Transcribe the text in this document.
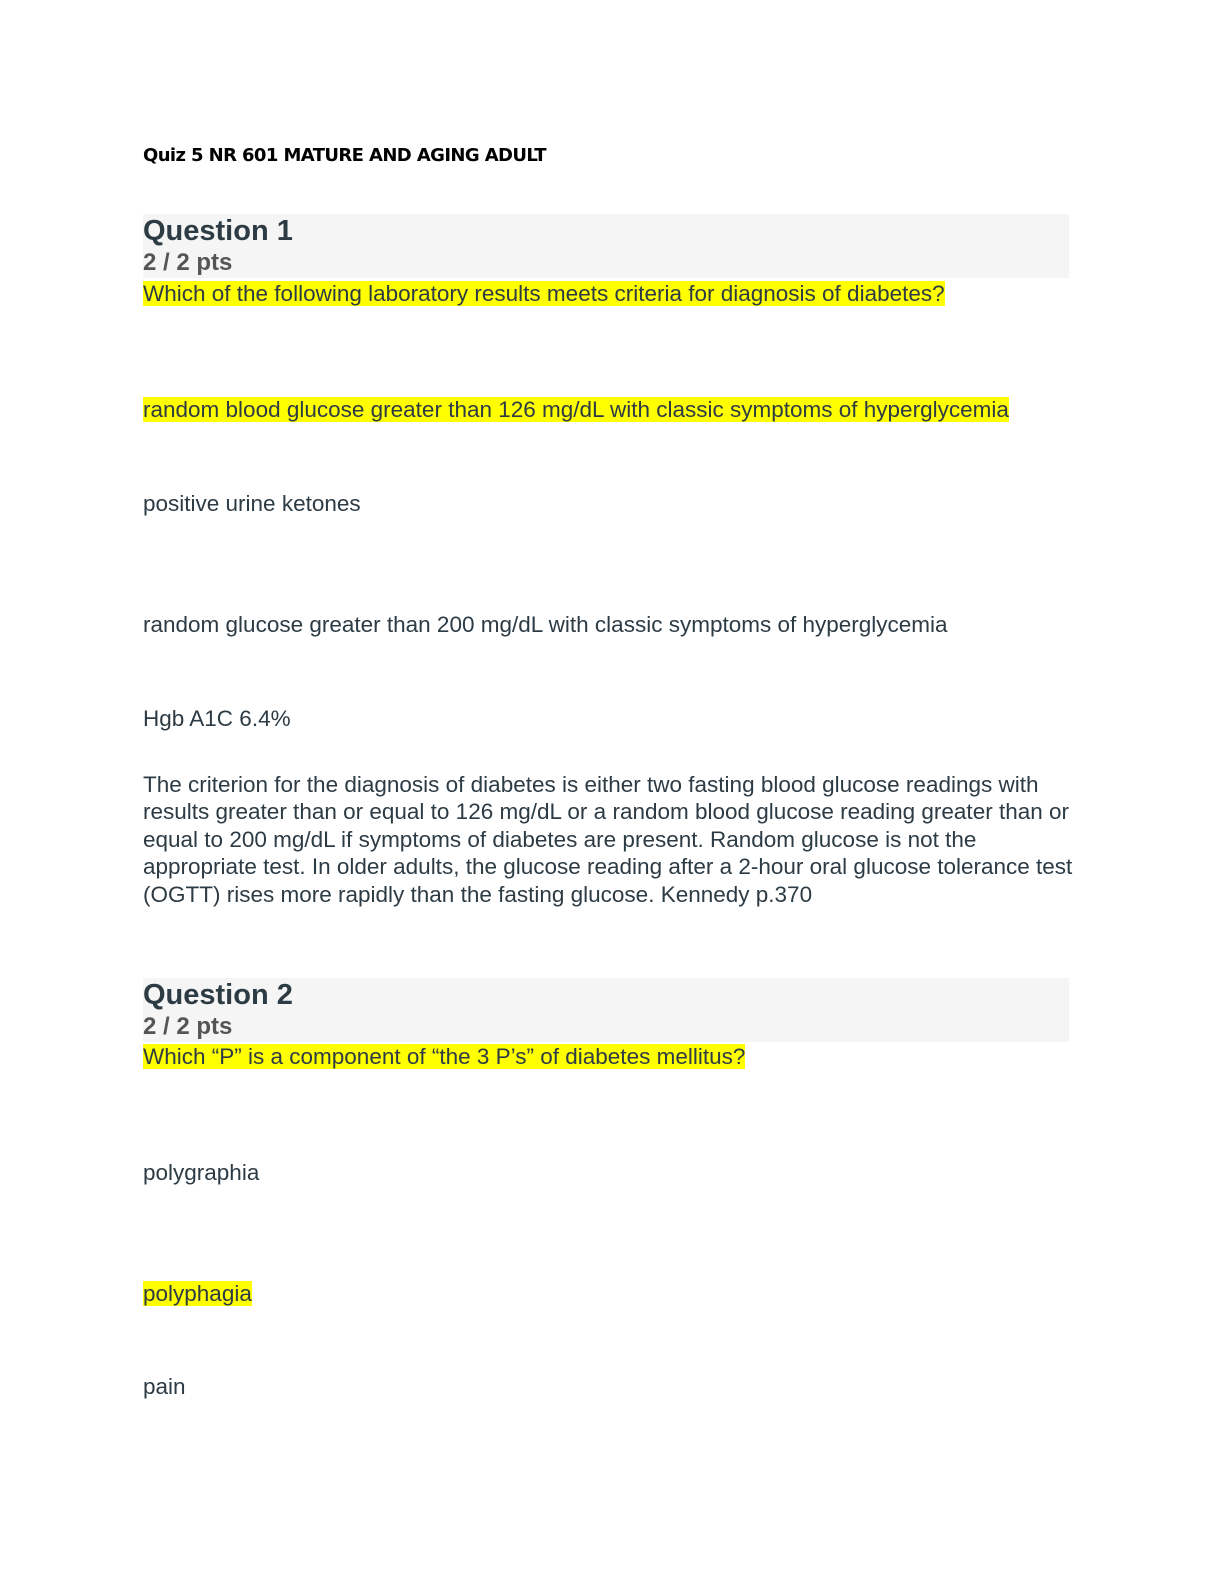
Quiz 5 NR 601 MATURE AND AGING ADULT
Question 1
2 / 2 pts
Which of the following laboratory results meets criteria for diagnosis of diabetes?
random blood glucose greater than 126 mg/dL with classic symptoms of hyperglycemia
positive urine ketones
random glucose greater than 200 mg/dL with classic symptoms of hyperglycemia
Hgb A1C 6.4%
The criterion for the diagnosis of diabetes is either two fasting blood glucose readings with results greater than or equal to 126 mg/dL or a random blood glucose reading greater than or equal to 200 mg/dL if symptoms of diabetes are present. Random glucose is not the appropriate test. In older adults, the glucose reading after a 2-hour oral glucose tolerance test (OGTT) rises more rapidly than the fasting glucose. Kennedy p.370
Question 2
2 / 2 pts
Which “P” is a component of “the 3 P’s” of diabetes mellitus?
polygraphia
polyphagia
pain
